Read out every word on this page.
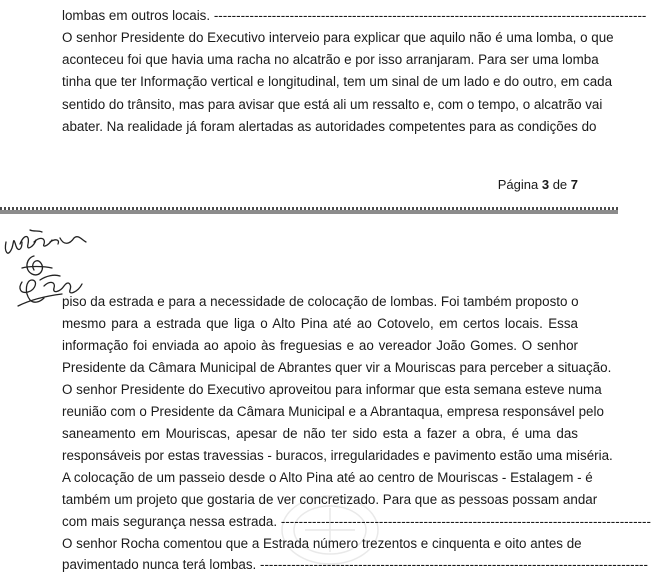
lombas em outros locais. -------------------------------------------------------------------------------------------------
O senhor Presidente do Executivo interveio para explicar que aquilo não é uma lomba, o que
aconteceu foi que havia uma racha no alcatrão e por isso arranjaram. Para ser uma lomba
tinha que ter Informação vertical e longitudinal, tem um sinal de um lado e do outro, em cada
sentido do trânsito, mas para avisar que está ali um ressalto e, com o tempo, o alcatrão vai
abater. Na realidade já foram alertadas as autoridades competentes para as condições do
Página 3 de 7
piso da estrada e para a necessidade de colocação de lombas. Foi também proposto o
mesmo para a estrada que liga o Alto Pina até ao Cotovelo, em certos locais. Essa
informação foi enviada ao apoio às freguesias e ao vereador João Gomes. O senhor
Presidente da Câmara Municipal de Abrantes quer vir a Mouriscas para perceber a situação.
O senhor Presidente do Executivo aproveitou para informar que esta semana esteve numa
reunião com o Presidente da Câmara Municipal e a Abrantaqua, empresa responsável pelo
saneamento em Mouriscas, apesar de não ter sido esta a fazer a obra, é uma das
responsáveis por estas travessias - buracos, irregularidades e pavimento estão uma miséria.
A colocação de um passeio desde o Alto Pina até ao centro de Mouriscas - Estalagem - é
também um projeto que gostaria de ver concretizado. Para que as pessoas possam andar
com mais segurança nessa estrada. -----------------------------------------------------------------------------------
O senhor Rocha comentou que a Estrada número trezentos e cinquenta e oito antes de
pavimentado nunca terá lombas. ---------------------------------------------------------------------------------------
